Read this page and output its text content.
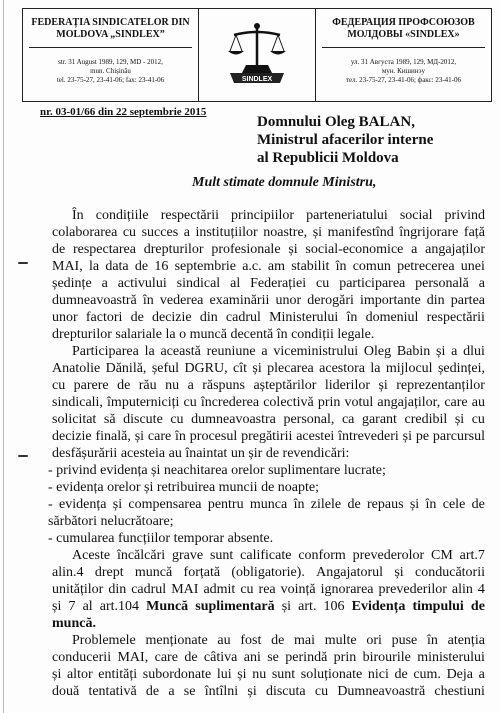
FEDERAȚIA SINDICATELOR DIN
MOLDOVA „SINDLEX”
str. 31 August 1989, 129, MD - 2012,
mun. Chișinău
tel. 23-75-27, 23-41-06; fax: 23-41-06	SINDLEX
ФЕДЕРАЦИЯ ПРОФСОЮЗОВ
МОЛДОВЫ «SINDLEX»
ул. 31 Августа 1989, 129, МД-2012,
мун. Кишинэу
тел. 23-75-27, 23-41-06; факс: 23-41-06
nr. 03-01/66 din 22 septembrie 2015
Domnului Oleg BALAN,
Ministrul afacerilor interne
al Republicii Moldova
Mult stimate domnule Ministru,
În condițiile respectării principiilor parteneriatului social privind
colaborarea cu succes a instituțiilor noastre, și manifestînd îngrijorare față
de respectarea drepturilor profesionale și social-economice a angajaților
MAI, la data de 16 septembrie a.c. am stabilit în comun petrecerea unei
ședințe a activului sindical al Federației cu participarea personală a
dumneavoastră în vederea examinării unor derogări importante din partea
unor factori de decizie din cadrul Ministerului în domeniul respectării
drepturilor
salariale
la
o
muncă
decentă
în
condiții
legale.

Participarea la această reuniune a viceministrului Oleg Babin și a dlui
Anatolie Dănilă, șeful DGRU, cît și plecarea acestora la mijlocul ședinței,
cu parere de rău nu a răspuns așteptărilor liderilor și reprezentanților
sindicali, împuterniciți cu încrederea colectivă prin votul angajaților, care au
solicitat să discute cu dumneavoastra personal, ca garant credibil și cu
decizie finală, și care în procesul pregătirii acestei întrevederi și pe parcursul
desfășurării
acesteia
au
înaintat
un
șir
de
revendicări:

-
privind
evidența
și
neachitarea
orelor
suplimentare
lucrate;

-
evidența
orelor
și
retribuirea
muncii
de
noapte;

- evidența și compensarea pentru munca în zilele de repaus și în cele de
sărbători
nelucrătoare;

-
cumularea
funcțiilor
temporar
absente.

Aceste încălcări grave sunt calificate conform prevederolor CM art.7
alin.4 drept muncă forțată (obligatorie). Angajatorul și conducătorii
unităților din cadrul MAI admit cu rea voință ignorarea prevederilor alin 4
și 7 al art.104 Muncă suplimentară și art. 106 Evidența timpului de
muncă.

Problemele menționate au fost de mai multe ori puse în atenția
conducerii MAI, care de câtiva ani se perindă prin birourile ministerului
și altor entități subordonate lui și nu sunt soluționate nici de cum. Deja a
două tentativă de a se întîlni și discuta cu Dumneavoastră chestiuni
